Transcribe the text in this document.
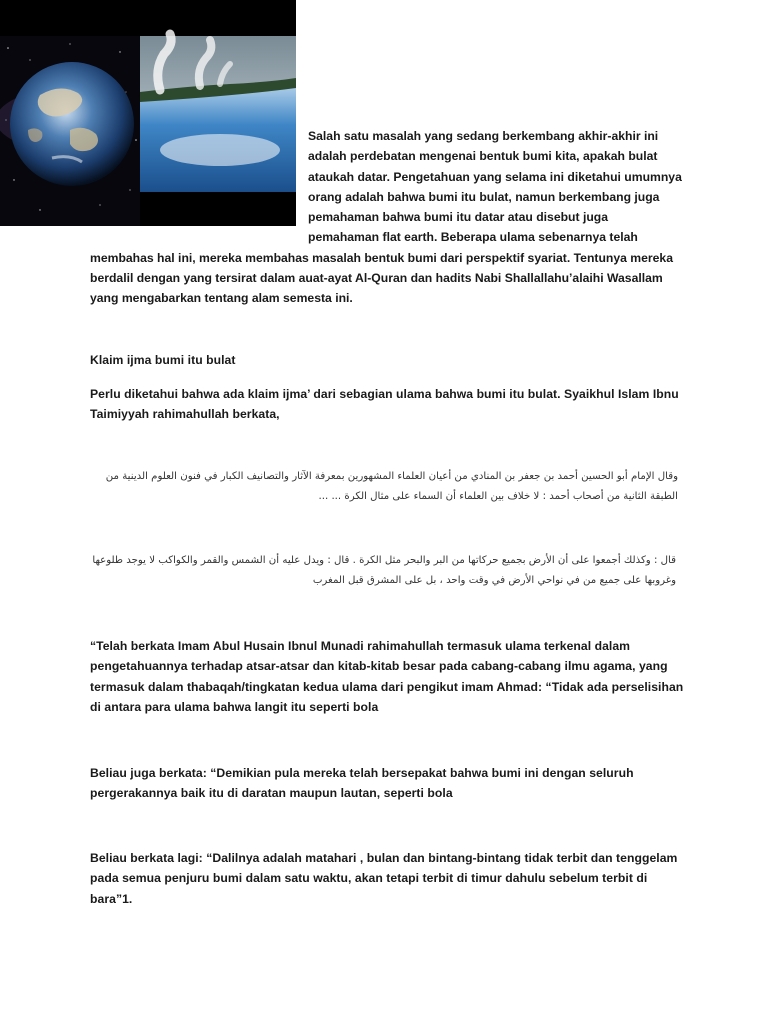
Salah satu masalah yang sedang berkembang akhir-akhir ini adalah perdebatan mengenai bentuk bumi kita, apakah bulat ataukah datar. Pengetahuan yang selama ini diketahui umumnya orang adalah bahwa bumi itu bulat, namun berkembang juga pemahaman bahwa bumi itu datar atau disebut juga pemahaman flat earth. Beberapa ulama sebenarnya telah membahas hal ini, mereka membahas masalah bentuk bumi dari perspektif syariat. Tentunya mereka berdalil dengan yang tersirat dalam auat-ayat Al-Quran dan hadits Nabi Shallallahu’alaihi Wasallam yang mengabarkan tentang alam semesta ini.

Klaim ijma bumi itu bulat
Perlu diketahui bahwa ada klaim ijma’ dari sebagian ulama bahwa bumi itu bulat. Syaikhul Islam Ibnu Taimiyyah rahimahullah berkata,
وقال الإمام أبو الحسين أحمد بن جعفر بن المنادي من أعيان العلماء المشهورين بمعرفة الآثار والتصانيف الكبار في فنون العلوم الدينية من الطبقة الثانية من أصحاب أحمد : لا خلاف بين العلماء أن السماء على مثال الكرة ... ...
قال : وكذلك أجمعوا على أن الأرض بجميع حركاتها من البر والبحر مثل الكرة . قال : ويدل عليه أن الشمس والقمر والكواكب لا يوجد طلوعها وغروبها على جميع من في نواحي الأرض في وقت واحد ، بل على المشرق قبل المغرب
“Telah berkata Imam Abul Husain Ibnul Munadi rahimahullah termasuk ulama terkenal dalam pengetahuannya terhadap atsar-atsar dan kitab-kitab besar pada cabang-cabang ilmu agama, yang termasuk dalam thabaqah/tingkatan kedua ulama dari pengikut imam Ahmad: “Tidak ada perselisihan di antara para ulama bahwa langit itu seperti bola
Beliau juga berkata: “Demikian pula mereka telah bersepakat bahwa bumi ini dengan seluruh pergerakannya baik itu di daratan maupun lautan, seperti bola
Beliau berkata lagi: “Dalilnya adalah matahari , bulan dan bintang-bintang tidak terbit dan tenggelam pada semua penjuru bumi dalam satu waktu, akan tetapi terbit di timur dahulu sebelum terbit di bara”1.
